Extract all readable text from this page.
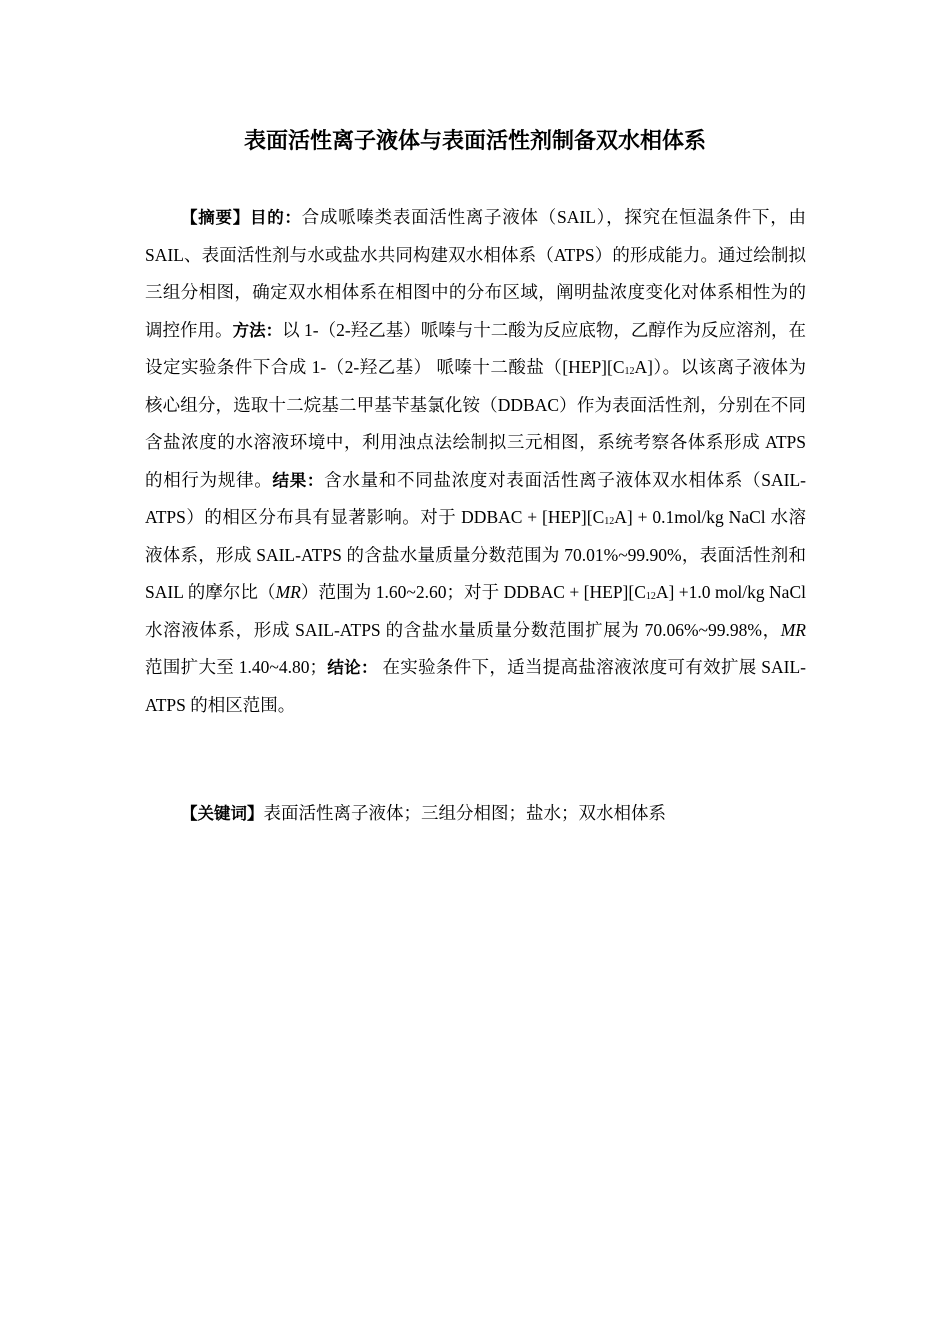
表面活性离子液体与表面活性剂制备双水相体系

【摘要】目的：合成哌嗪类表面活性离子液体（SAIL），探究在恒温条件下，由 SAIL、表面活性剂与水或盐水共同构建双水相体系（ATPS）的形成能力。通过绘制拟三组分相图，确定双水相体系在相图中的分布区域，阐明盐浓度变化对体系相性为的调控作用。方法：以 1-（2-羟乙基）哌嗪与十二酸为反应底物，乙醇作为反应溶剂，在设定实验条件下合成 1-（2-羟乙基） 哌嗪十二酸盐$([HEP][C_{12}A])$。以该离子液体为核心组分，选取十二烷基二甲基苄基氯化铵（DDBAC）作为表面活性剂，分别在不同含盐浓度的水溶液环境中，利用浊点法绘制拟三元相图，系统考察各体系形成 ATPS 的相行为规律。结果：含水量和不同盐浓度对表面活性离子液体双水相体系（SAIL-ATPS）的相区分布具有显著影响。对于 DDBAC + $[HEP][C_{12}A] + 0.1mol/kg$ NaCl 水溶液体系，形成 SAIL-ATPS 的含盐水量质量分数范围为 70.01%~99.90%，表面活性剂和 SAIL 的摩尔比（MR）范围为 1.60~2.60；对于 DDBAC + $[HEP][C_{12}A] +1.0$ mol/kg NaCl 水溶液体系，形成 SAIL-ATPS 的含盐水量质量分数范围扩展为 70.06%~99.98%，MR 范围扩大至 1.40~4.80；结论： 在实验条件下，适当提高盐溶液浓度可有效扩展 SAIL-ATPS 的相区范围。

【关键词】表面活性离子液体；三组分相图；盐水；双水相体系
